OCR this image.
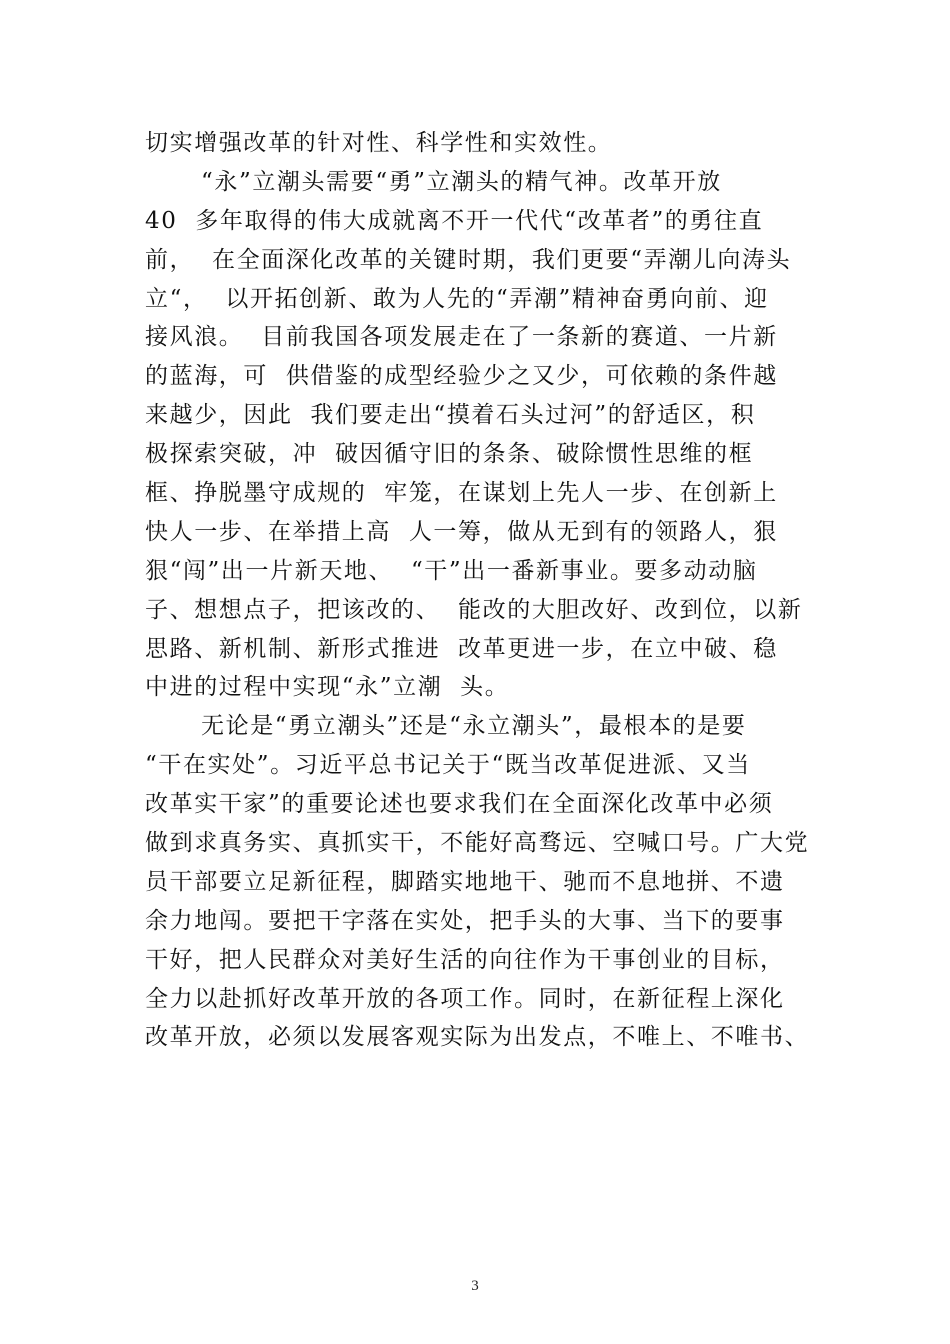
切实增强改革的针对性、科学性和实效性。
“永”立潮头需要“勇”立潮头的精气神。改革开放
40  多年取得的伟大成就离不开一代代“改革者”的勇往直
前，  在全面深化改革的关键时期，我们更要“弄潮儿向涛头
立“，  以开拓创新、敢为人先的“弄潮”精神奋勇向前、迎
接风浪。  目前我国各项发展走在了一条新的赛道、一片新
的蓝海，可  供借鉴的成型经验少之又少，可依赖的条件越
来越少，因此  我们要走出“摸着石头过河”的舒适区，积
极探索突破，冲  破因循守旧的条条、破除惯性思维的框
框、挣脱墨守成规的  牢笼，在谋划上先人一步、在创新上
快人一步、在举措上高  人一筹，做从无到有的领路人，狠
狠“闯”出一片新天地、  “干”出一番新事业。要多动动脑
子、想想点子，把该改的、  能改的大胆改好、改到位，以新
思路、新机制、新形式推进  改革更进一步，在立中破、稳
中进的过程中实现“永”立潮  头。
无论是“勇立潮头”还是“永立潮头”，最根本的是要
“干在实处”。习近平总书记关于“既当改革促进派、又当
改革实干家”的重要论述也要求我们在全面深化改革中必须
做到求真务实、真抓实干，不能好高骛远、空喊口号。广大党
员干部要立足新征程，脚踏实地地干、驰而不息地拼、不遗
余力地闯。要把干字落在实处，把手头的大事、当下的要事
干好，把人民群众对美好生活的向往作为干事创业的目标，
全力以赴抓好改革开放的各项工作。同时，在新征程上深化
改革开放，必须以发展客观实际为出发点，不唯上、不唯书、
3
